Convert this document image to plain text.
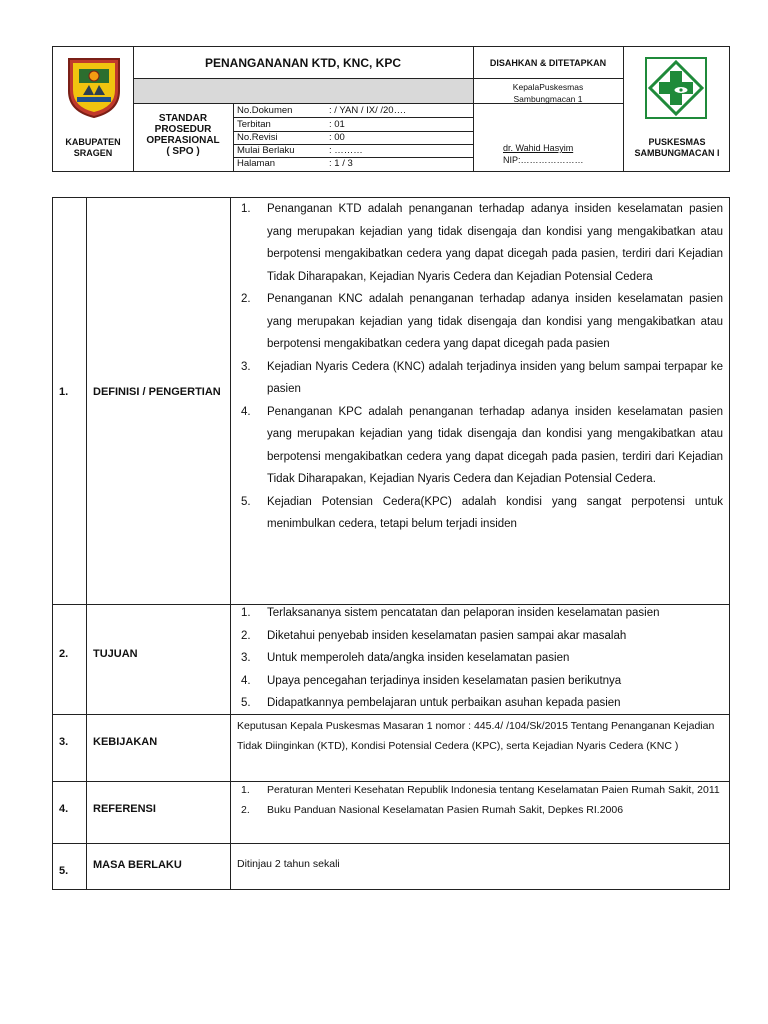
KABUPATEN
SRAGEN
PENANGANANAN KTD, KNC, KPC
STANDAR
PROSEDUR
OPERASIONAL
( SPO )
No.Dokumen	: / YAN / IX/ /20….
Terbitan	: 01
No.Revisi	: 00
Mulai Berlaku	: ………
Halaman	: 1 / 3
DISAHKAN & DITETAPKAN
KepalaPuskesmas
Sambungmacan 1
dr. Wahid Hasyim
NIP:…………………
PUSKESMAS
SAMBUNGMACAN I
1. DEFINISI / PENGERTIAN
1. Penanganan KTD adalah penanganan terhadap adanya insiden keselamatan pasien yang merupakan kejadian yang tidak disengaja dan kondisi yang mengakibatkan atau berpotensi mengakibatkan cedera yang dapat dicegah pada pasien, terdiri dari Kejadian Tidak Diharapakan, Kejadian Nyaris Cedera dan Kejadian Potensial Cedera
2. Penanganan KNC adalah penanganan terhadap adanya insiden keselamatan pasien yang merupakan kejadian yang tidak disengaja dan kondisi yang mengakibatkan atau berpotensi mengakibatkan cedera yang dapat dicegah pada pasien
3. Kejadian Nyaris Cedera (KNC) adalah terjadinya insiden yang belum sampai terpapar ke pasien
4. Penanganan KPC adalah penanganan terhadap adanya insiden keselamatan pasien yang merupakan kejadian yang tidak disengaja dan kondisi yang mengakibatkan atau berpotensi mengakibatkan cedera yang dapat dicegah pada pasien, terdiri dari Kejadian Tidak Diharapakan, Kejadian Nyaris Cedera dan Kejadian Potensial Cedera.
5. Kejadian Potensian Cedera(KPC) adalah kondisi yang sangat perpotensi untuk menimbulkan cedera, tetapi belum terjadi insiden
2. TUJUAN
1. Terlaksananya sistem pencatatan dan pelaporan insiden keselamatan pasien
2. Diketahui penyebab insiden keselamatan pasien sampai akar masalah
3. Untuk memperoleh data/angka insiden keselamatan pasien
4. Upaya pencegahan terjadinya insiden keselamatan pasien berikutnya
5. Didapatkannya pembelajaran untuk perbaikan asuhan kepada pasien
3. KEBIJAKAN
Keputusan Kepala Puskesmas Masaran 1 nomor : 445.4/ /104/Sk/2015 Tentang Penanganan Kejadian Tidak Diinginkan (KTD), Kondisi Potensial Cedera (KPC), serta Kejadian Nyaris Cedera (KNC )
4. REFERENSI
1. Peraturan Menteri Kesehatan Republik Indonesia tentang Keselamatan Paien Rumah Sakit, 2011
2. Buku Panduan Nasional Keselamatan Pasien Rumah Sakit, Depkes RI.2006
5. MASA BERLAKU	Ditinjau 2 tahun sekali
